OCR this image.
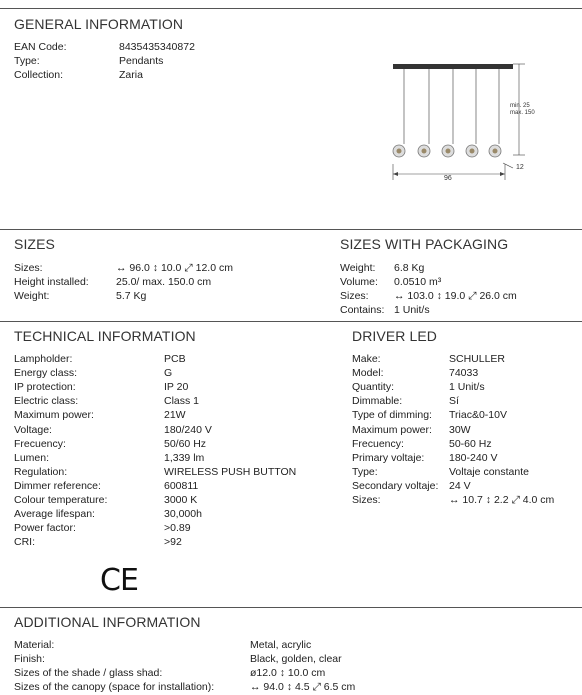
GENERAL INFORMATION
EAN Code:	8435435340872
Type:	Pendants
Collection:	Zaria
min. 25
max. 150
96
12
SIZES	SIZES WITH PACKAGING
Sizes:	↔ 96.0 ↕ 10.0 ⤢ 12.0 cm
Height installed:	25.0/ max. 150.0 cm
Weight:	5.7 Kg
Weight: 6.8 Kg
Volume: 0.0510 m³
Sizes: ↔ 103.0 ↕ 19.0 ⤢ 26.0 cm
Contains: 1 Unit/s
TECHNICAL INFORMATION	DRIVER LED
Lampholder:	PCB
Energy class:	G
IP protection:	IP 20
Electric class:	Class 1
Maximum power:	21W
Voltage:	180/240 V
Frecuency:	50/60 Hz
Lumen:	1,339 lm
Regulation:	WIRELESS PUSH BUTTON
Dimmer reference:	600811
Colour temperature:	3000 K
Average lifespan:	30,000h
Power factor:	>0.89
CRI:	>92
Make:	SCHULLER
Model:	74033
Quantity:	1 Unit/s
Dimmable:	Sí
Type of dimming: Triac&0-10V
Maximum power: 30W
Frecuency:	50-60 Hz
Primary voltaje: 180-240 V
Type:	Voltaje constante
Secondary voltaje: 24 V
Sizes:	↔ 10.7 ↕ 2.2 ⤢ 4.0 cm
CE
ADDITIONAL INFORMATION
Material:	Metal, acrylic
Finish:	Black, golden, clear
Sizes of the shade / glass shad:	ø12.0 ↕ 10.0 cm
Sizes of the canopy (space for installation):	↔ 94.0 ↕ 4.5 ⤢ 6.5 cm
